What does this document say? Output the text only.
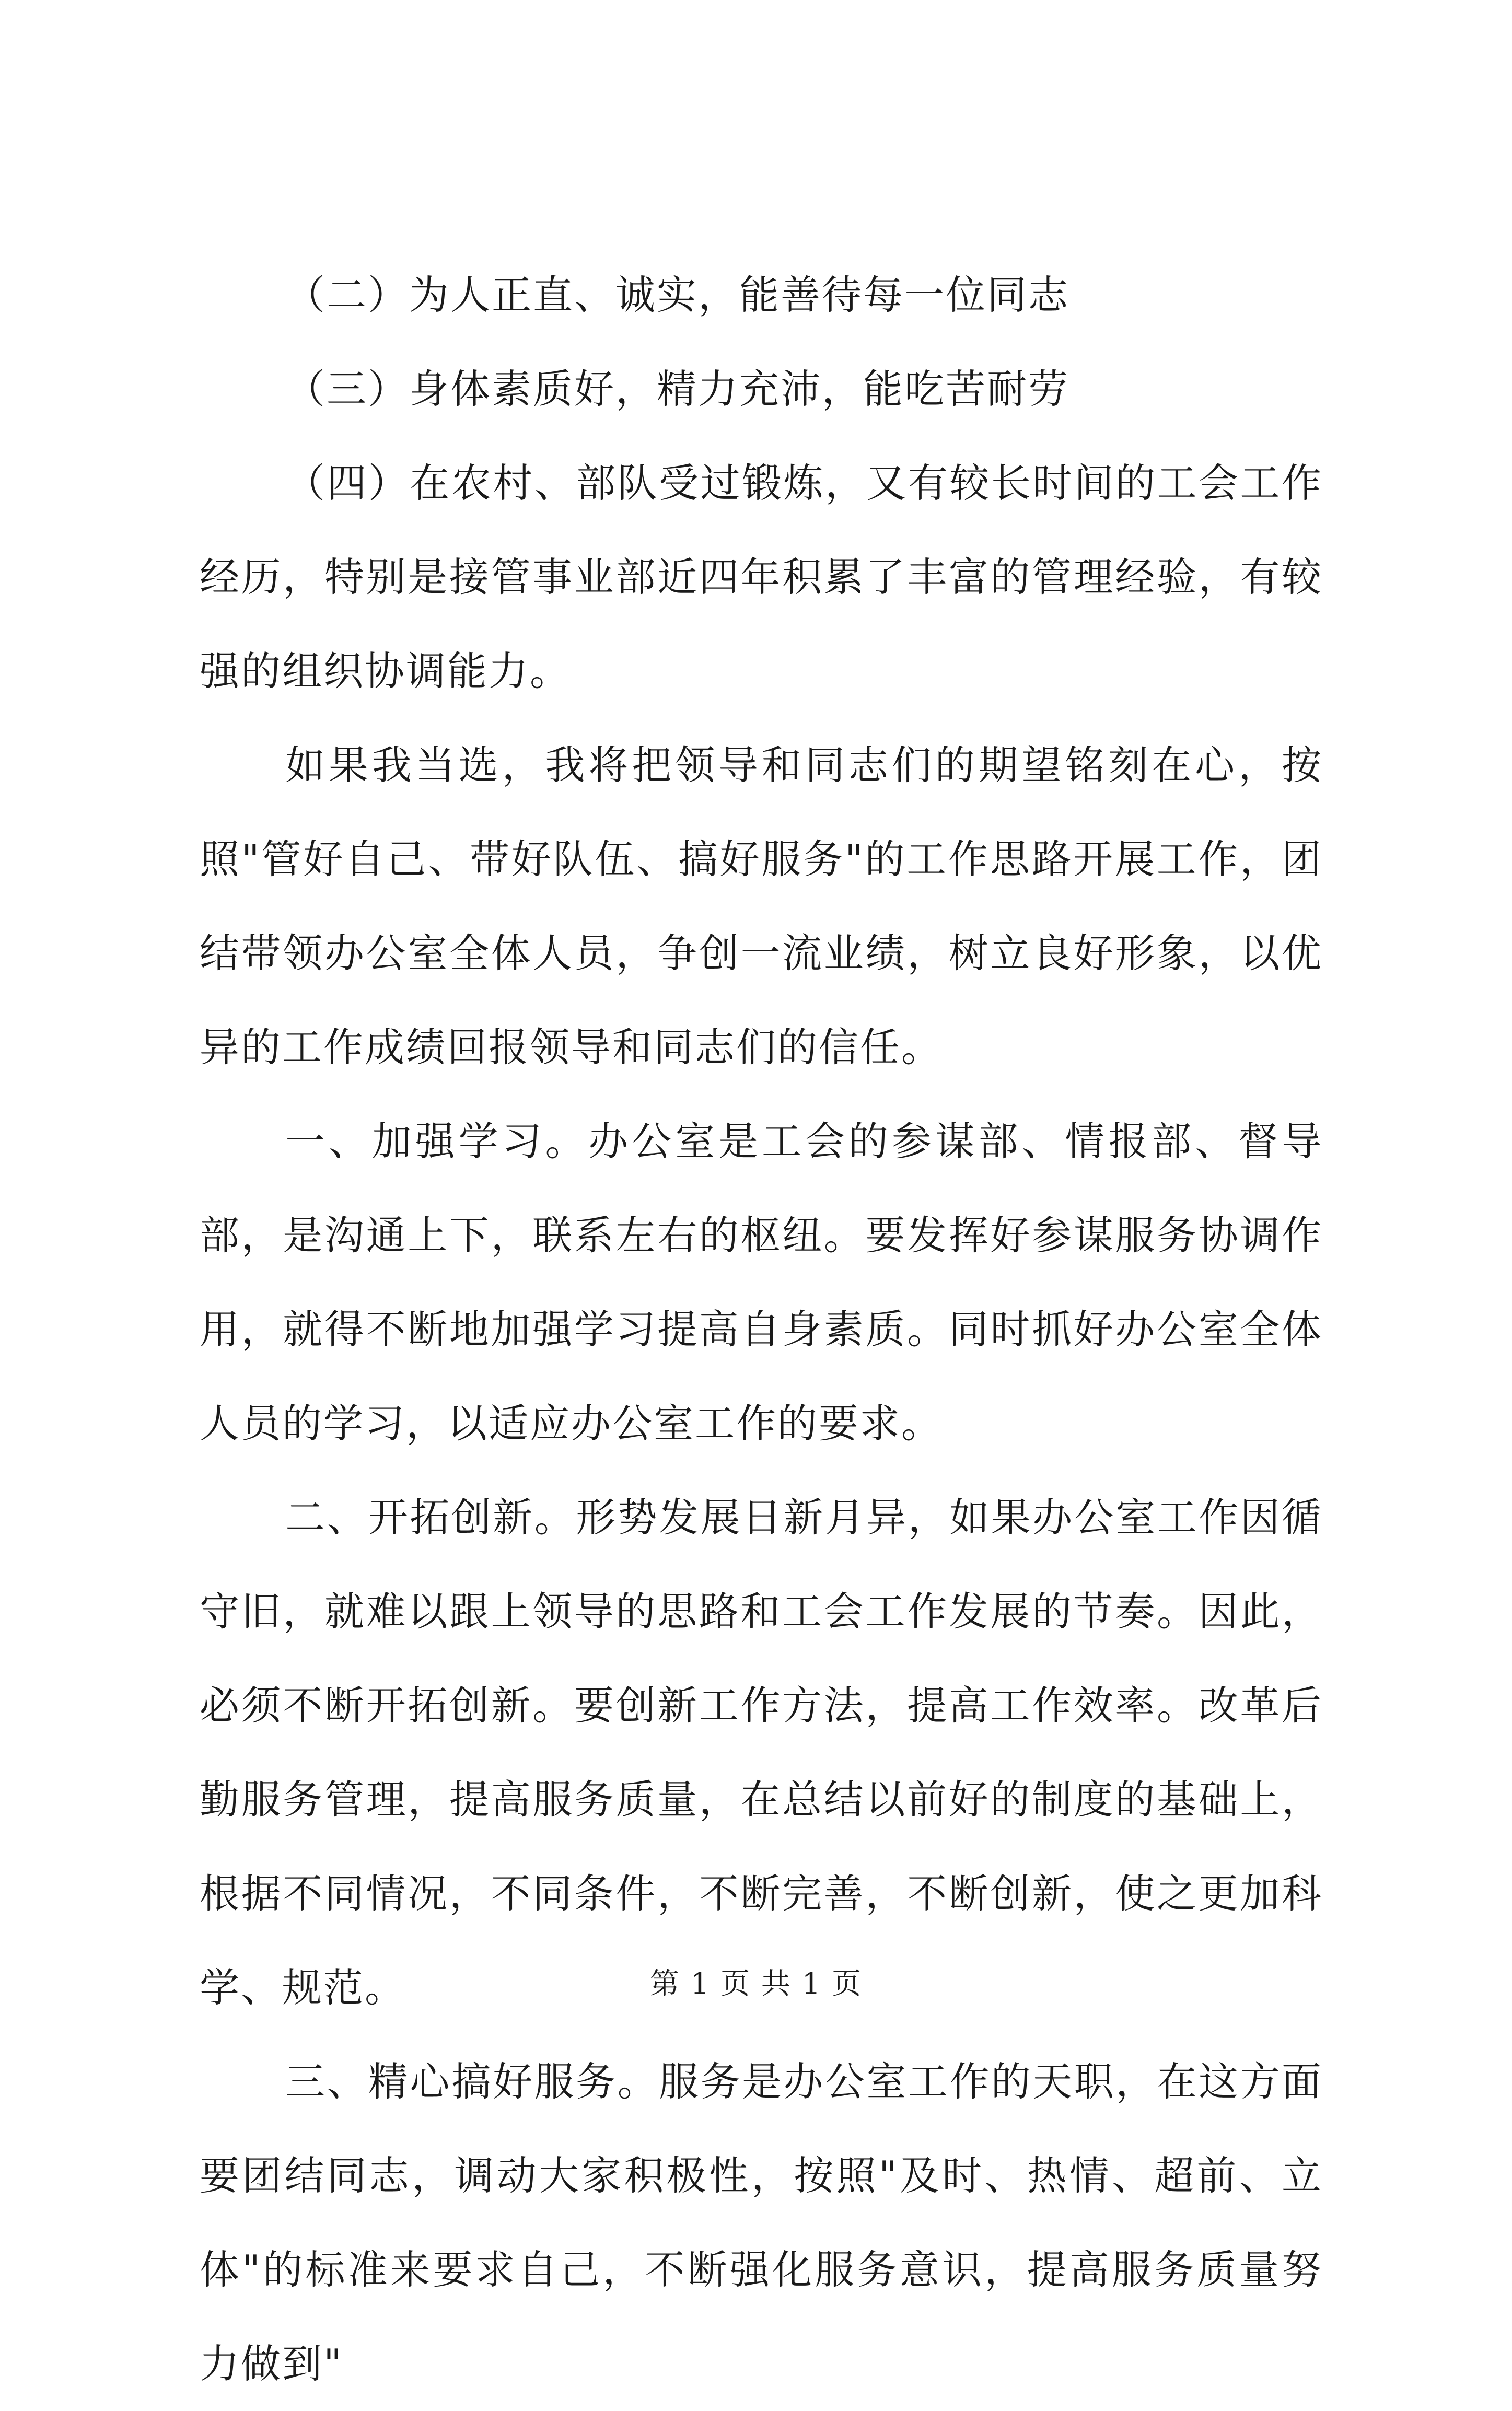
（二）为人正直、诚实，能善待每一位同志

（三）身体素质好，精力充沛，能吃苦耐劳

（四）在农村、部队受过锻炼，又有较长时间的工会工作经历，特别是接管事业部近四年积累了丰富的管理经验，有较强的组织协调能力。

如果我当选，我将把领导和同志们的期望铭刻在心，按照"管好自己、带好队伍、搞好服务"的工作思路开展工作，团结带领办公室全体人员，争创一流业绩，树立良好形象，以优异的工作成绩回报领导和同志们的信任。

一、加强学习。办公室是工会的参谋部、情报部、督导部，是沟通上下，联系左右的枢纽。要发挥好参谋服务协调作用，就得不断地加强学习提高自身素质。同时抓好办公室全体人员的学习，以适应办公室工作的要求。

二、开拓创新。形势发展日新月异，如果办公室工作因循守旧，就难以跟上领导的思路和工会工作发展的节奏。因此，必须不断开拓创新。要创新工作方法，提高工作效率。改革后勤服务管理，提高服务质量，在总结以前好的制度的基础上，根据不同情况，不同条件，不断完善，不断创新，使之更加科学、规范。

三、精心搞好服务。服务是办公室工作的天职，在这方面要团结同志，调动大家积极性，按照"及时、热情、超前、立体"的标准来要求自己，不断强化服务意识，提高服务质量努力做到"

第 1 页 共 1 页
